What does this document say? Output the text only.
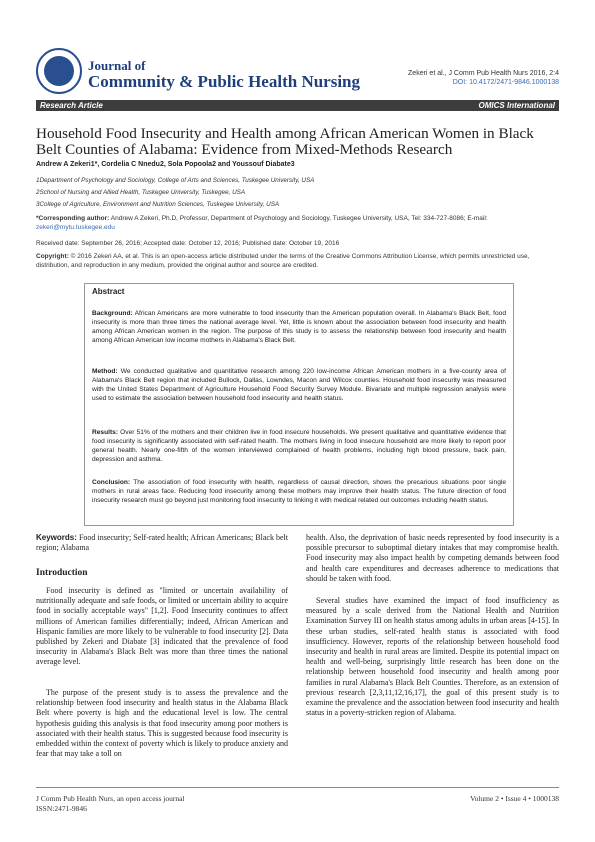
Journal of
Community & Public Health Nursing	Zekeri et al., J Comm Pub Health Nurs 2016, 2:4
DOI: 10.4172/2471-9846.1000138
Research Article	OMICS International
Household Food Insecurity and Health among African American Women in Black Belt Counties of Alabama: Evidence from Mixed-Methods Research
Andrew A Zekeri1*, Cordelia C Nnedu2, Sola Popoola2 and Youssouf Diabate3
1Department of Psychology and Sociology, College of Arts and Sciences, Tuskegee University, USA
2School of Nursing and Allied Health, Tuskegee University, Tuskegee, USA
3College of Agriculture, Environment and Nutrition Sciences, Tuskegee University, USA
*Corresponding author: Andrew A Zekeri, Ph.D, Professor, Department of Psychology and Sociology, Tuskegee University, USA, Tel: 334-727-8086; E-mail: zekeri@mytu.tuskegee.edu
Received date: September 26, 2016; Accepted date: October 12, 2016; Published date: October 19, 2016
Copyright: © 2016 Zekeri AA, et al. This is an open-access article distributed under the terms of the Creative Commons Attribution License, which permits unrestricted use, distribution, and reproduction in any medium, provided the original author and source are credited.
Abstract
Background: African Americans are more vulnerable to food insecurity than the American population overall. In Alabama's Black Belt, food insecurity is more than three times the national average level. Yet, little is known about the association between food insecurity and health among African American women in the region. The purpose of this study is to assess the relationship between food insecurity and health among African American low income mothers in Alabama's Black Belt.
Method: We conducted qualitative and quantitative research among 220 low-income African American mothers in a five-county area of Alabama's Black Belt region that included Bullock, Dallas, Lowndes, Macon and Wilcox counties. Household food insecurity was measured with the United States Department of Agriculture Household Food Security Survey Module. Bivariate and multiple regression analysis were used to estimate the association between household food insecurity and health status.
Results: Over 51% of the mothers and their children live in food insecure households. We present qualitative and quantitative evidence that food insecurity is significantly associated with self-rated health. The mothers living in food insecure household are more likely to report poor general health. Nearly one-fifth of the women interviewed complained of health problems, including high blood pressure, back pain, depression and asthma.
Conclusion: The association of food insecurity with health, regardless of causal direction, shows the precarious situations poor single mothers in rural areas face. Reducing food insecurity among these mothers may improve their health status. The future direction of food insecurity research must go beyond just monitoring food insecurity to linking it with medical related out outcomes including health status.
Keywords: Food insecurity; Self-rated health; African Americans; Black belt region; Alabama
Introduction
Food insecurity is defined as "limited or uncertain availability of nutritionally adequate and safe foods, or limited or uncertain ability to acquire food in socially acceptable ways" [1,2]. Food Insecurity continues to affect millions of American families differentially; indeed, African American and Hispanic families are more likely to be vulnerable to food insecurity [2]. Data published by Zekeri and Diabate [3] indicated that the prevalence of food insecurity in Alabama's Black Belt was more than three times the national average level.
The purpose of the present study is to assess the prevalence and the relationship between food insecurity and health status in the Alabama Black Belt where poverty is high and the educational level is low. The central hypothesis guiding this analysis is that food insecurity among poor mothers is associated with their health status. This is suggested because food insecurity is embedded within the context of poverty which is likely to produce anxiety and fear that may take a toll on
health. Also, the deprivation of basic needs represented by food insecurity is a possible precursor to suboptimal dietary intakes that may compromise health. Food insecurity may also impact health by competing demands between food and health care expenditures and decreases adherence to medications that should be taken with food.
Several studies have examined the impact of food insufficiency as measured by a scale derived from the National Health and Nutrition Examination Survey III on health status among adults in urban areas [4-15]. In these urban studies, self-rated health status is associated with food insufficiency. However, reports of the relationship between household food insecurity and health in rural areas are limited. Despite its potential impact on health and well-being, surprisingly little research has been done on the relationship between household food insecurity and health among poor families in rural Alabama's Black Belt Counties. Therefore, as an extension of previous research [2,3,11,12,16,17], the goal of this present study is to examine the prevalence and the association between food insecurity and health status in a poverty-stricken region of Alabama.
J Comm Pub Health Nurs, an open access journal
ISSN:2471-9846
Volume 2 • Issue 4 • 1000138
